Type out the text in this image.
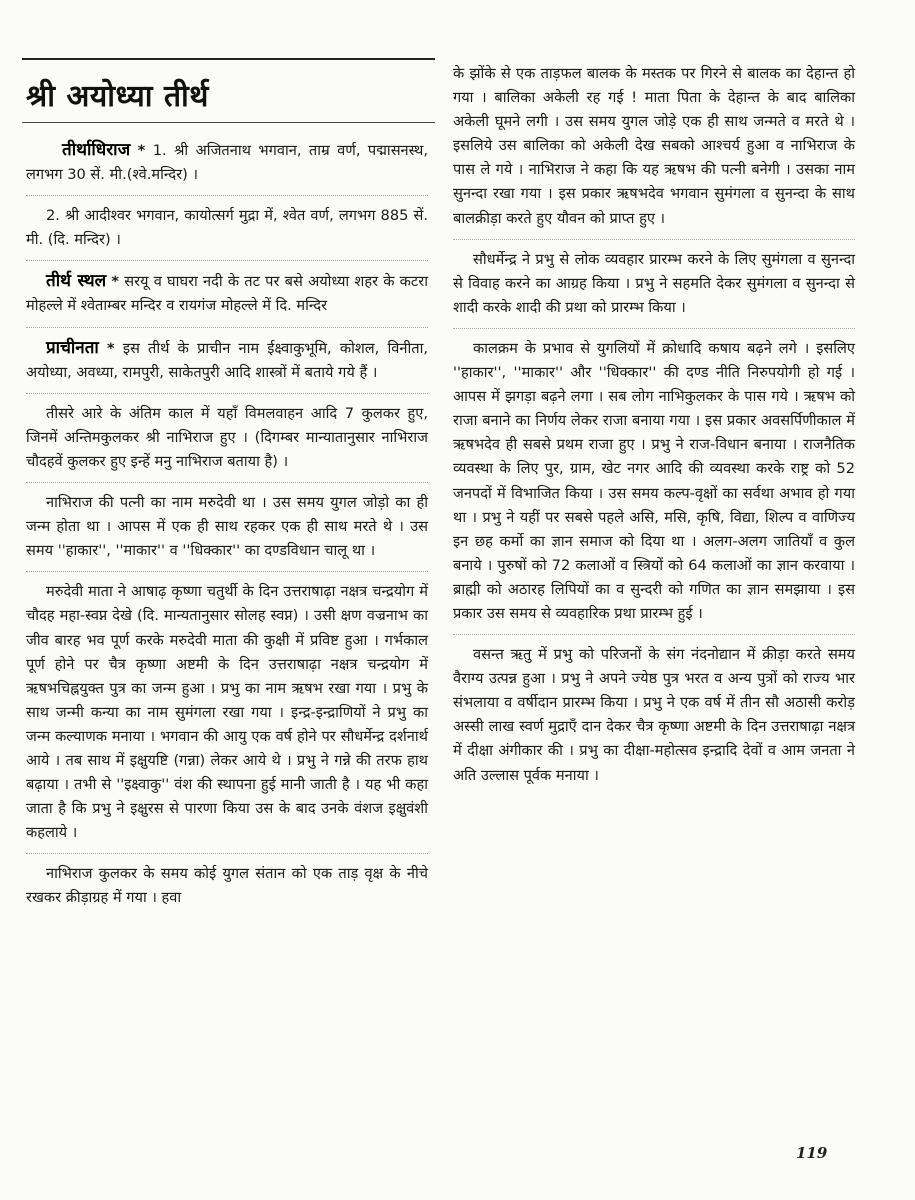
श्री अयोध्या तीर्थ

तीर्थाधिराज * 1. श्री अजितनाथ भगवान, ताम्र वर्ण, पद्मासनस्थ, लगभग 30 सें. मी.(श्वे.मन्दिर) ।

2. श्री आदीश्वर भगवान, कायोत्सर्ग मुद्रा में, श्वेत वर्ण, लगभग 885 सें. मी. (दि. मन्दिर) ।

तीर्थ स्थल * सरयू व घाघरा नदी के तट पर बसे अयोध्या शहर के कटरा मोहल्ले में श्वेताम्बर मन्दिर व रायगंज मोहल्ले में दि. मन्दिर

प्राचीनता * इस तीर्थ के प्राचीन नाम ईक्ष्वाकुभूमि, कोशल, विनीता, अयोध्या, अवध्या, रामपुरी, साकेतपुरी आदि शास्त्रों में बताये गये हैं ।

तीसरे आरे के अंतिम काल में यहाँ विमलवाहन आदि 7 कुलकर हुए, जिनमें अन्तिमकुलकर श्री नाभिराज हुए । (दिगम्बर मान्यातानुसार नाभिराज चौदहवें कुलकर हुए इन्हें मनु नाभिराज बताया है) ।

नाभिराज की पत्नी का नाम मरुदेवी था । उस समय युगल जोड़ो का ही जन्म होता था । आपस में एक ही साथ रहकर एक ही साथ मरते थे । उस समय ''हाकार'', ''माकार'' व ''धिक्कार'' का दण्डविधान चालू था ।

मरुदेवी माता ने आषाढ़ कृष्णा चतुर्थी के दिन उत्तराषाढ़ा नक्षत्र चन्द्रयोग में चौदह महा-स्वप्न देखे (दि. मान्यतानुसार सोलह स्वप्न) । उसी क्षण वज्रनाभ का जीव बारह भव पूर्ण करके मरुदेवी माता की कुक्षी में प्रविष्ट हुआ । गर्भकाल पूर्ण होने पर चैत्र कृष्णा अष्टमी के दिन उत्तराषाढ़ा नक्षत्र चन्द्रयोग में ऋषभचिह्नयुक्त पुत्र का जन्म हुआ । प्रभु का नाम ऋषभ रखा गया । प्रभु के साथ जन्मी कन्या का नाम सुमंगला रखा गया । इन्द्र-इन्द्राणियों ने प्रभु का जन्म कल्याणक मनाया । भगवान की आयु एक वर्ष होने पर सौधर्मेन्द्र दर्शनार्थ आये । तब साथ में इक्षुयष्टि (गन्ना) लेकर आये थे । प्रभु ने गन्ने की तरफ हाथ बढ़ाया । तभी से ''इक्ष्वाकु'' वंश की स्थापना हुई मानी जाती है । यह भी कहा जाता है कि प्रभु ने इक्षुरस से पारणा किया उस के बाद उनके वंशज इक्षुवंशी कहलाये ।

नाभिराज कुलकर के समय कोई युगल संतान को एक ताड़ वृक्ष के नीचे रखकर क्रीड़ाग्रह में गया । हवा

के झोंके से एक ताड़फल बालक के मस्तक पर गिरने से बालक का देहान्त हो गया । बालिका अकेली रह गई ! माता पिता के देहान्त के बाद बालिका अकेली घूमने लगी । उस समय युगल जोड़े एक ही साथ जन्मते व मरते थे । इसलिये उस बालिका को अकेली देख सबको आश्चर्य हुआ व नाभिराज के पास ले गये । नाभिराज ने कहा कि यह ऋषभ की पत्नी बनेगी । उसका नाम सुनन्दा रखा गया । इस प्रकार ऋषभदेव भगवान सुमंगला व सुनन्दा के साथ बालक्रीड़ा करते हुए यौवन को प्राप्त हुए ।

सौधर्मेन्द्र ने प्रभु से लोक व्यवहार प्रारम्भ करने के लिए सुमंगला व सुनन्दा से विवाह करने का आग्रह किया । प्रभु ने सहमति देकर सुमंगला व सुनन्दा से शादी करके शादी की प्रथा को प्रारम्भ किया ।

कालक्रम के प्रभाव से युगलियों में क्रोधादि कषाय बढ़ने लगे । इसलिए ''हाकार'', ''माकार'' और ''धिक्कार'' की दण्ड नीति निरुपयोगी हो गई । आपस में झगड़ा बढ़ने लगा । सब लोग नाभिकुलकर के पास गये । ऋषभ को राजा बनाने का निर्णय लेकर राजा बनाया गया । इस प्रकार अवसर्पिणीकाल में ऋषभदेव ही सबसे प्रथम राजा हुए । प्रभु ने राज-विधान बनाया । राजनैतिक व्यवस्था के लिए पुर, ग्राम, खेट नगर आदि की व्यवस्था करके राष्ट्र को 52 जनपदों में विभाजित किया । उस समय कल्प-वृक्षों का सर्वथा अभाव हो गया था । प्रभु ने यहीं पर सबसे पहले असि, मसि, कृषि, विद्या, शिल्प व वाणिज्य इन छह कर्मो का ज्ञान समाज को दिया था । अलग-अलग जातियाँ व कुल बनाये । पुरुषों को 72 कलाओं व स्त्रियों को 64 कलाओं का ज्ञान करवाया । ब्राह्मी को अठारह लिपियों का व सुन्दरी को गणित का ज्ञान समझाया । इस प्रकार उस समय से व्यवहारिक प्रथा प्रारम्भ हुई ।

वसन्त ऋतु में प्रभु को परिजनों के संग नंदनोद्यान में क्रीड़ा करते समय वैराग्य उत्पन्न हुआ । प्रभु ने अपने ज्येष्ठ पुत्र भरत व अन्य पुत्रों को राज्य भार संभलाया व वर्षीदान प्रारम्भ किया । प्रभु ने एक वर्ष में तीन सौ अठासी करोड़ अस्सी लाख स्वर्ण मुद्राएँ दान देकर चैत्र कृष्णा अष्टमी के दिन उत्तराषाढ़ा नक्षत्र में दीक्षा अंगीकार की । प्रभु का दीक्षा-महोत्सव इन्द्रादि देवों व आम जनता ने अति उल्लास पूर्वक मनाया ।

119
